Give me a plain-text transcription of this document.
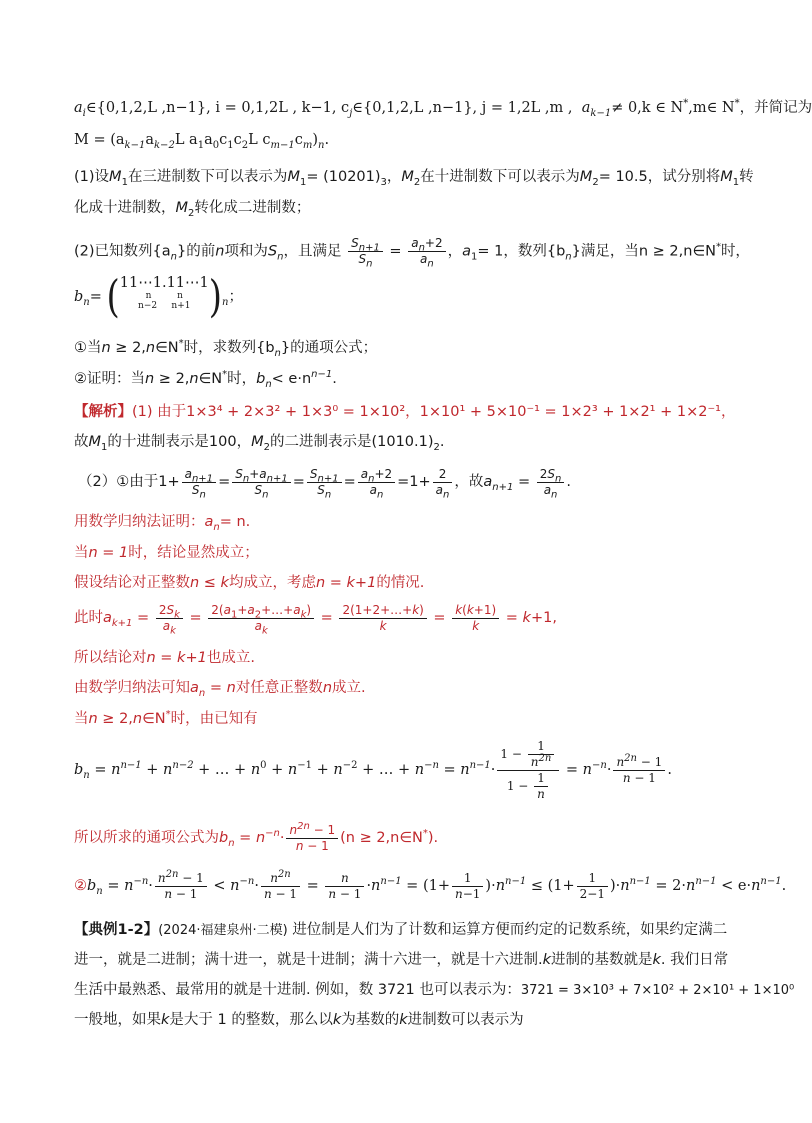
$a_i\in\{0,1,2,L$ ,n−1}, i = 0,1,2L , k−1, $c_j\in\{0,1,2,L$ ,n−1}, j = 1,2L ,m , $a_{k-1}\ne 0,k$ ∈ N*,m∈ N*，并简记为
$M = (a_{k-1}a_{k-2}L$ $a_1a_0c_1c_2L$ $c_{m-1}c_m)_n$.
(1)设$M_1$在三进制数下可以表示为$M_1= (10201)_3$，$M_2$在十进制数下可以表示为$M_2= 10.5$，试分别将$M_1$转
化成十进制数，$M_2$转化成二进制数；
(2)已知数列$\{a_n\}$的前n项和为$S_n$，且满足 $\frac{S_{n+1}}{S_n} = \frac{a_n+2}{a_n}$ ，$a_1= 1$，数列$\{b_n\}$满足，当n ≥ 2,n∈N*时，
$b_n=$ (11⋯1.11⋯1
n         n
n−2     n+1 )$_n$；
①当n ≥ 2,n∈N*时，求数列$\{b_n\}$的通项公式；
②证明：当n ≥ 2,n∈N*时，$b_n< e\cdot n^{n-1}$.
【解析】(1) 由于1×3⁴ + 2×3² + 1×3⁰ = 1×10²，1×10¹ + 5×10⁻¹ = 1×2³ + 1×2¹ + 1×2⁻¹，
故$M_1$的十进制表示是100，$M_2$的二进制表示是$(1010.1)_2$.
（2）①由于$1+ \frac{a_{n+1}}{S_n} = \frac{S_n+a_{n+1}}{S_n} = \frac{S_{n+1}}{S_n} = \frac{a_n+2}{a_n} =1+ \frac{2}{a_n}$ ，故$a_{n+1} = \frac{2S_n}{a_n}$ .
用数学归纳法证明：$a_n= n$.
当n = 1时，结论显然成立；
假设结论对正整数n ≤ k均成立，考虑n = k+1的情况.
此时$a_{k+1} = \frac{2S_k}{a_k} = \frac{2(a_1+a_2+\dots+a_k)}{a_k} = \frac{2(1+2+\dots+k)}{k} = \frac{k(k+1)}{k} = k+1$,
所以结论对n = k+1也成立.
由数学归纳法可知$a_n = n$对任意正整数n成立.
当n ≥ 2,n∈N*时，由已知有
$b_n = n^{n-1} + n^{n-2}$ + … + $n^0 + n^{-1} + n^{-2}$ + … + $n^{-n} = n^{n-1}\cdot \frac{1 - \frac{1}{n^{2n}}}{1 - \frac{1}{n}} = n^{-n}\cdot \frac{n^{2n} - 1}{n - 1}$ .
所以所求的通项公式为$b_n = n^{-n}\cdot \frac{n^{2n} - 1}{n - 1} (n$ ≥ 2,n∈N*).
$②b_n = n^{-n}\cdot \frac{n^{2n} - 1}{n - 1} < n^{-n}\cdot \frac{n^{2n}}{n - 1} = \frac{n}{n - 1} \cdot n^{n-1} = (1+ \frac{1}{n-1} )\cdot n^{n-1} \le (1+ \frac{1}{2-1} )\cdot n^{n-1} = 2\cdot n^{n-1} < e\cdot n^{n-1}$.
【典例1-2】(2024·福建泉州·二模) 进位制是人们为了计数和运算方便而约定的记数系统，如果约定满二
进一，就是二进制；满十进一，就是十进制；满十六进一，就是十六进制.k进制的基数就是k. 我们日常
生活中最熟悉、最常用的就是十进制. 例如，数 3721 也可以表示为：3721 = 3×10³ + 7×10² + 2×10¹ + 1×10⁰
一般地，如果k是大于 1 的整数，那么以k为基数的k进制数可以表示为
